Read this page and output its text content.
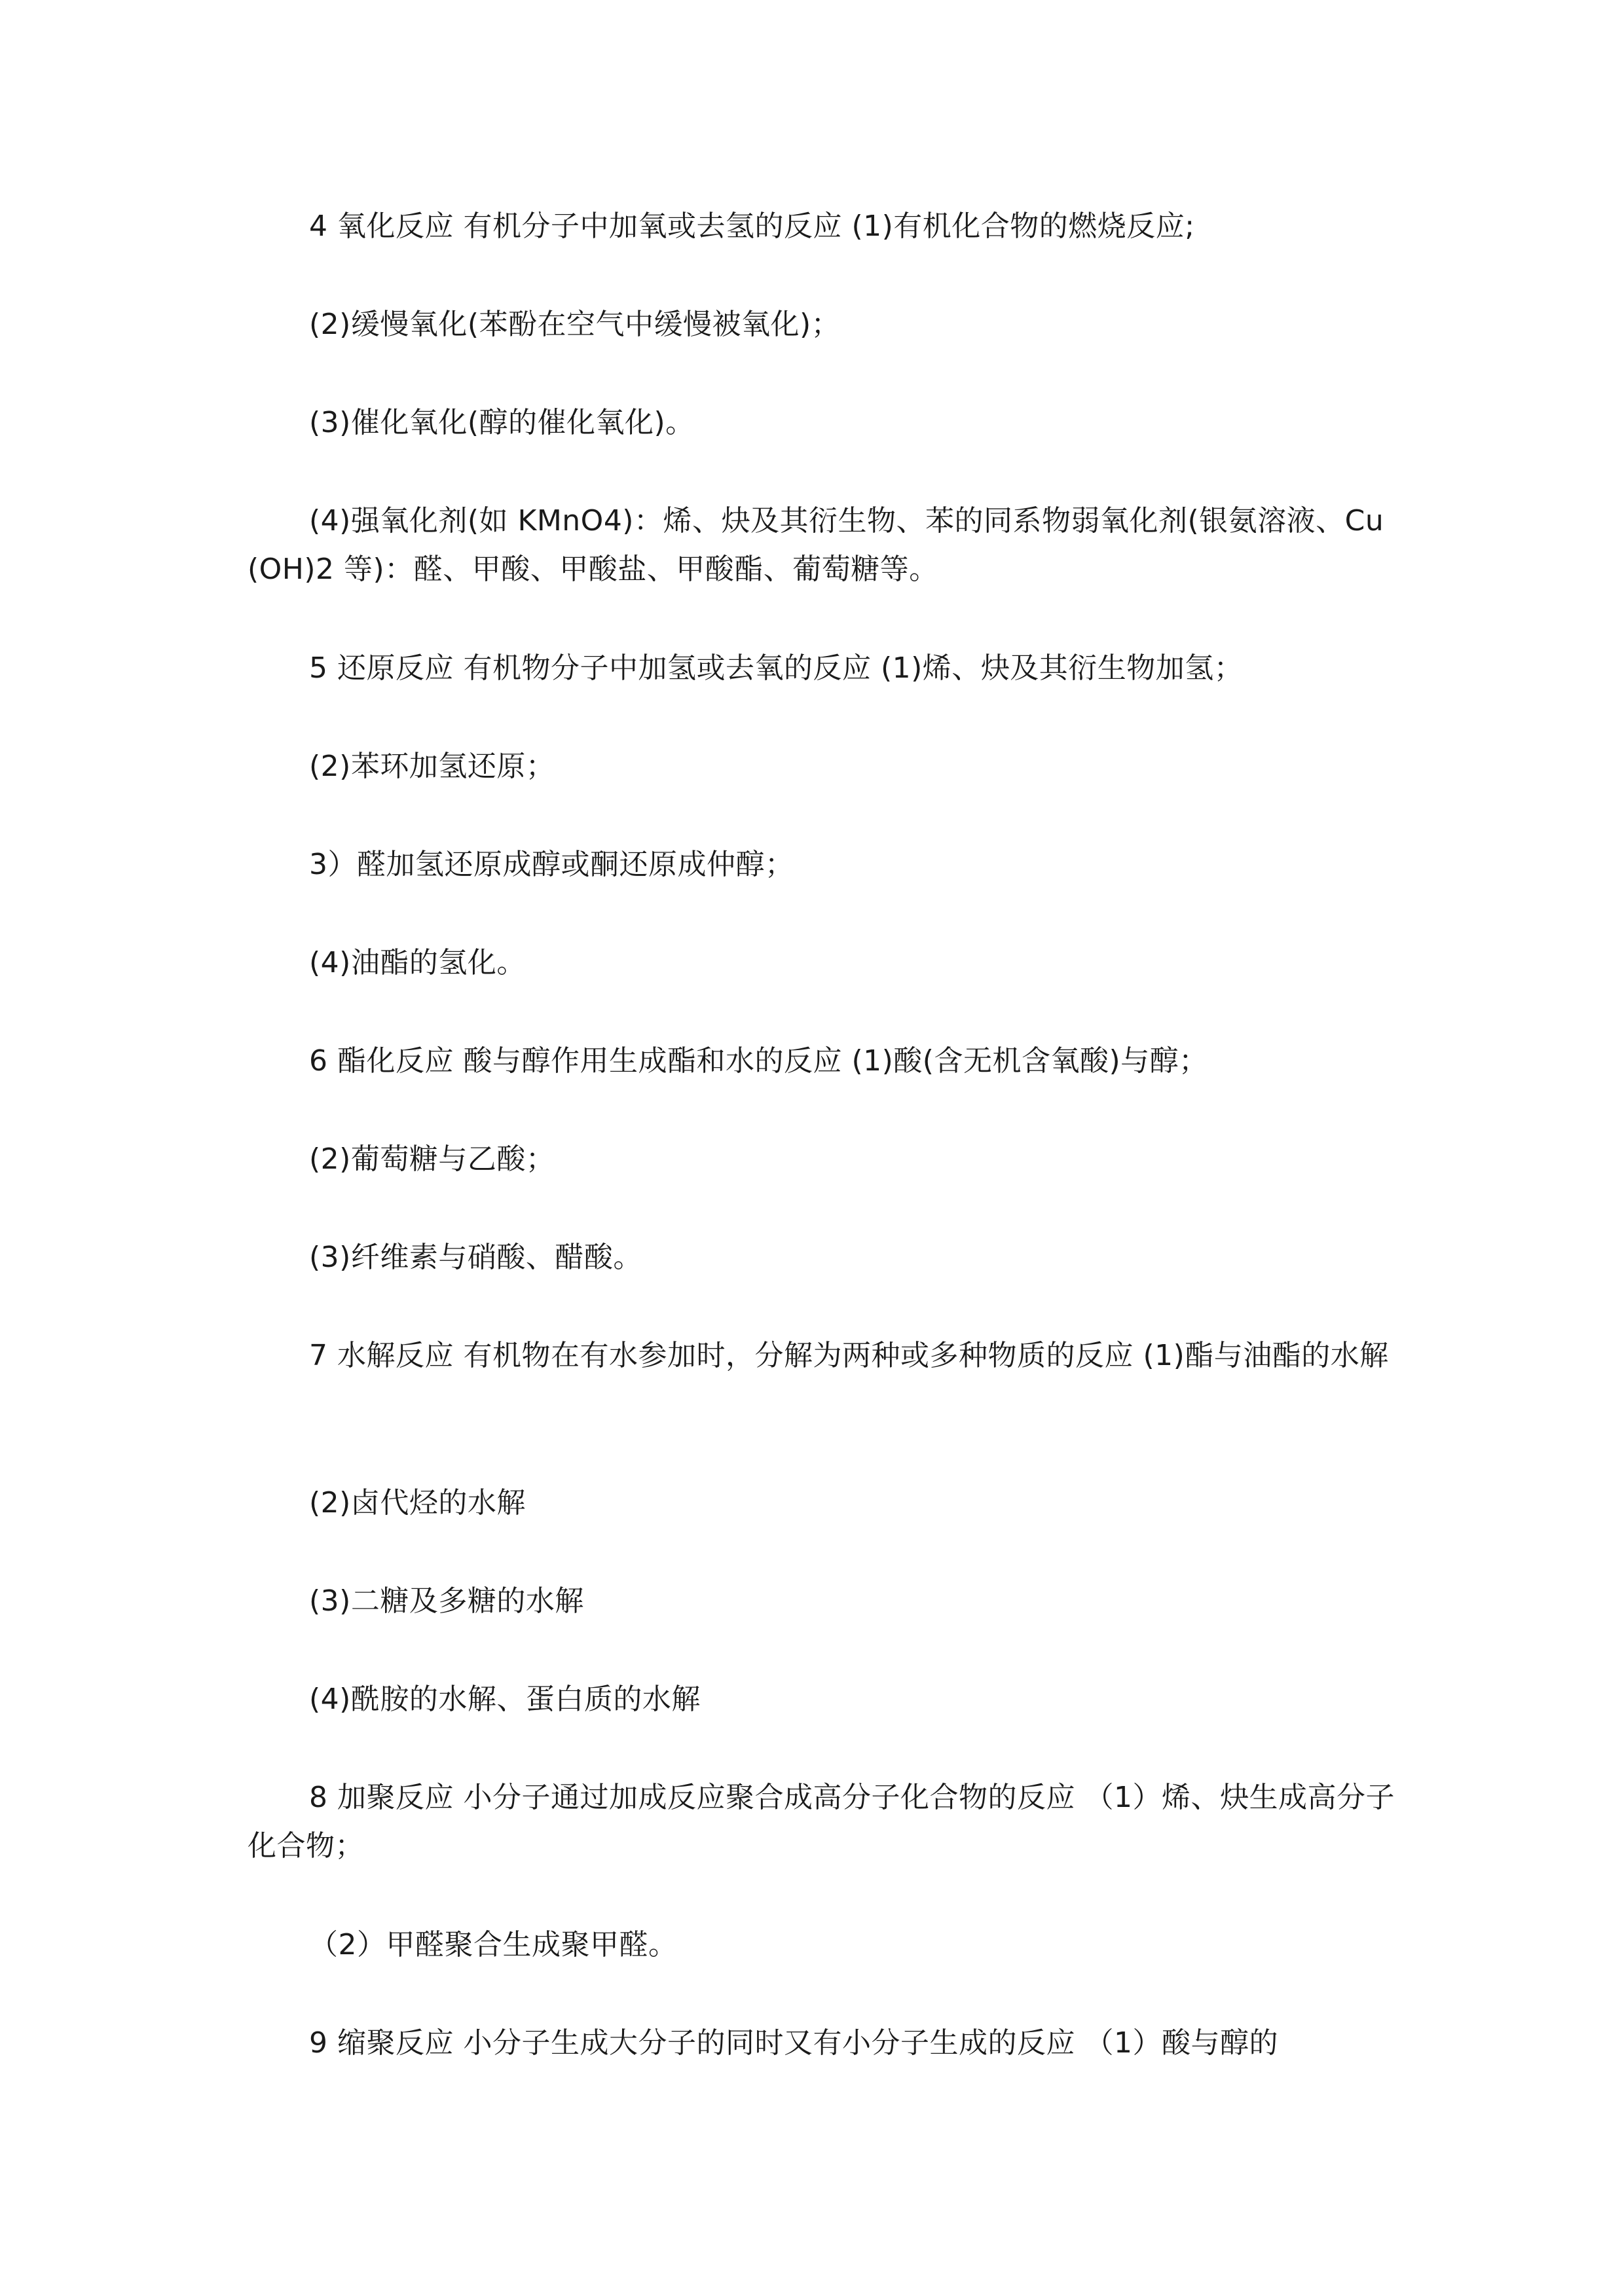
4 氧化反应 有机分子中加氧或去氢的反应 (1)有机化合物的燃烧反应;

(2)缓慢氧化(苯酚在空气中缓慢被氧化)；

(3)催化氧化(醇的催化氧化)。

(4)强氧化剂(如 KMnO4)：烯、炔及其衍生物、苯的同系物弱氧化剂(银氨溶液、Cu(OH)2 等)：醛、甲酸、甲酸盐、甲酸酯、葡萄糖等。

5 还原反应 有机物分子中加氢或去氧的反应 (1)烯、炔及其衍生物加氢；

(2)苯环加氢还原；

3）醛加氢还原成醇或酮还原成仲醇；

(4)油酯的氢化。

6 酯化反应 酸与醇作用生成酯和水的反应 (1)酸(含无机含氧酸)与醇；

(2)葡萄糖与乙酸；

(3)纤维素与硝酸、醋酸。

7 水解反应 有机物在有水参加时，分解为两种或多种物质的反应 (1)酯与油酯的水解

(2)卤代烃的水解

(3)二糖及多糖的水解

(4)酰胺的水解、蛋白质的水解

8 加聚反应 小分子通过加成反应聚合成高分子化合物的反应 （1）烯、炔生成高分子化合物；

（2）甲醛聚合生成聚甲醛。

9 缩聚反应 小分子生成大分子的同时又有小分子生成的反应 （1）酸与醇的
